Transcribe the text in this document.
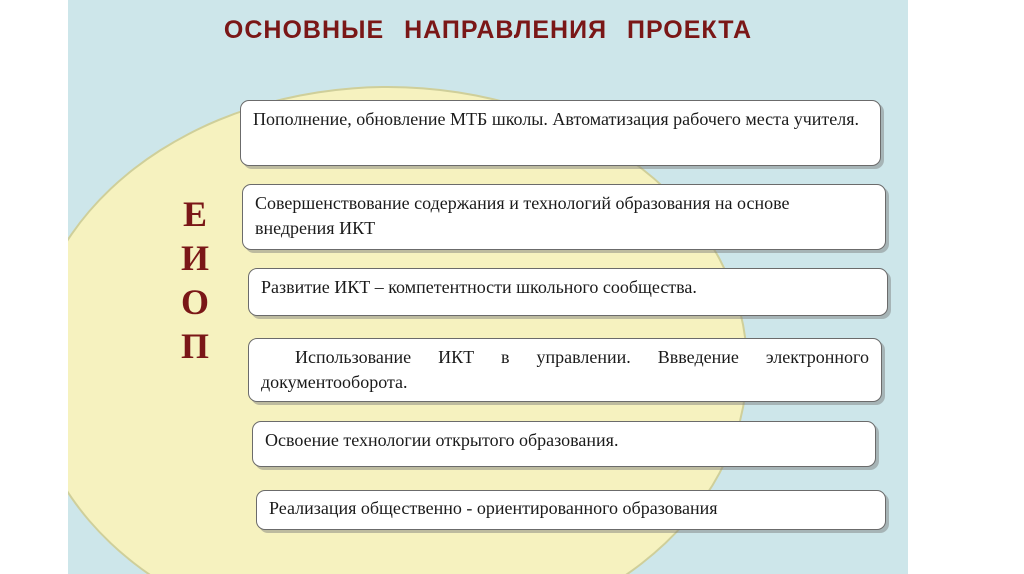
ОСНОВНЫЕ НАПРАВЛЕНИЯ ПРОЕКТА
Е
И
О
П
Пополнение, обновление МТБ школы. Автоматизация рабочего места учителя.
Совершенствование содержания и технологий образования на основе внедрения ИКТ
Развитие ИКТ – компетентности школьного сообщества.
Использование ИКТ в управлении. Ввведение электронного документооборота.
Освоение технологии открытого образования.
Реализация общественно - ориентированного образования
